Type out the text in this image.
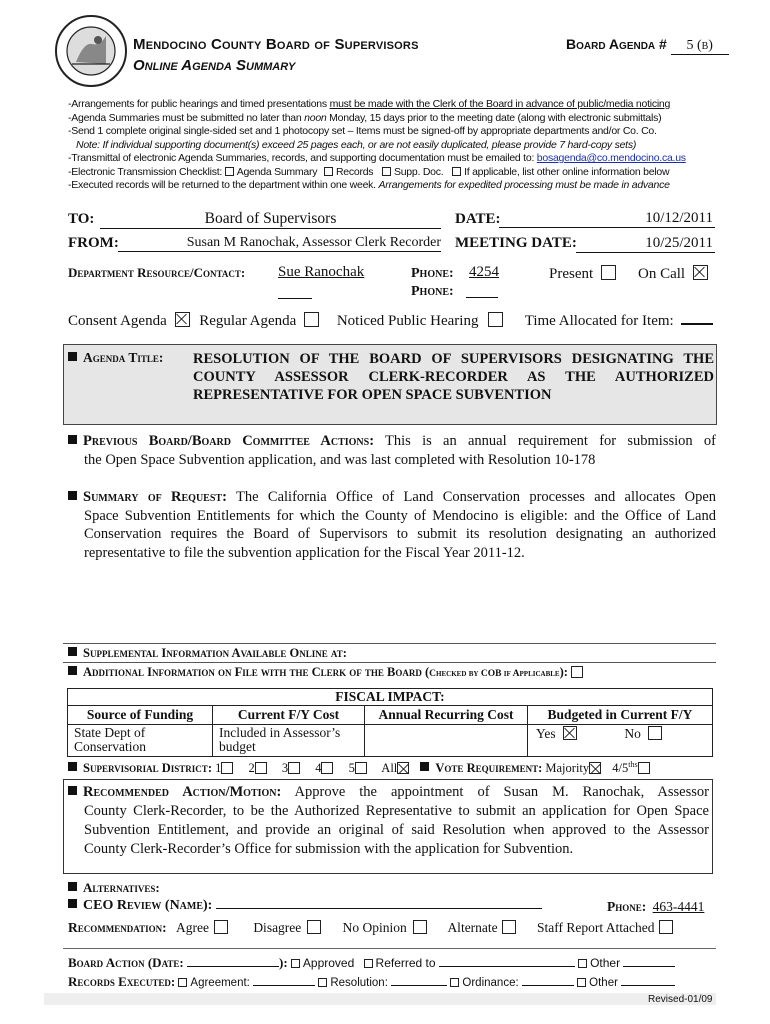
Mendocino County Board of Supervisors
Online Agenda Summary
Board Agenda # 5 (b)
-Arrangements for public hearings and timed presentations must be made with the Clerk of the Board in advance of public/media noticing
-Agenda Summaries must be submitted no later than noon Monday, 15 days prior to the meeting date (along with electronic submittals)
-Send 1 complete original single-sided set and 1 photocopy set – Items must be signed-off by appropriate departments and/or Co. Co.
Note: If individual supporting document(s) exceed 25 pages each, or are not easily duplicated, please provide 7 hard-copy sets)
-Transmittal of electronic Agenda Summaries, records, and supporting documentation must be emailed to: bosagenda@co.mendocino.ca.us
-Electronic Transmission Checklist: Agenda Summary Records Supp. Doc. If applicable, list other online information below
-Executed records will be returned to the department within one week. Arrangements for expedited processing must be made in advance
TO:	Board of Supervisors	DATE:	10/12/2011
FROM:	Susan M Ranochak, Assessor Clerk Recorder MEETING DATE:	10/25/2011
Department Resource/Contact: Sue Ranochak	Phone: 4254
Phone:
Present	On Call
Consent Agenda Regular Agenda	Noticed Public Hearing	Time Allocated for Item:
Agenda Title: RESOLUTION OF THE BOARD OF SUPERVISORS DESIGNATING THE
COUNTY ASSESSOR CLERK-RECORDER AS THE AUTHORIZED
REPRESENTATIVE FOR OPEN SPACE SUBVENTION
Previous Board/Board Committee Actions: This is an annual requirement for submission of
the Open Space Subvention application, and was last completed with Resolution 10-178
Summary of Request: The California Office of Land Conservation processes and allocates Open
Space Subvention Entitlements for which the County of Mendocino is eligible: and the Office of Land
Conservation requires the Board of Supervisors to submit its resolution designating an authorized
representative to file the subvention application for the Fiscal Year 2011-12.
Supplemental Information Available Online at:
Additional Information on File with the Clerk of the Board (Checked by COB if Applicable):
FISCAL IMPACT:			
Source of Funding	Current F/Y Cost	Annual Recurring Cost	Budgeted in Current F/Y
State Dept of Conservation	Included in Assessor’s budget		Yes No
Supervisorial District: 1 2 3 4 5 All	Vote Requirement: Majority $4/5^{ths}$
Recommended Action/Motion: Approve the appointment of Susan M. Ranochak, Assessor
County Clerk-Recorder, to be the Authorized Representative to submit an application for Open Space
Subvention Entitlement, and provide an original of said Resolution when approved to the Assessor
County Clerk-Recorder’s Office for submission with the application for Subvention.
Alternatives:
CEO Review (Name):	Phone: 463-4441
Recommendation: Agree	Disagree	No Opinion	Alternate	Staff Report Attached
Board Action (Date:	): Approved Referred to	Other
Records Executed: Agreement:	Resolution:	Ordinance:	Other
Revised-01/09
